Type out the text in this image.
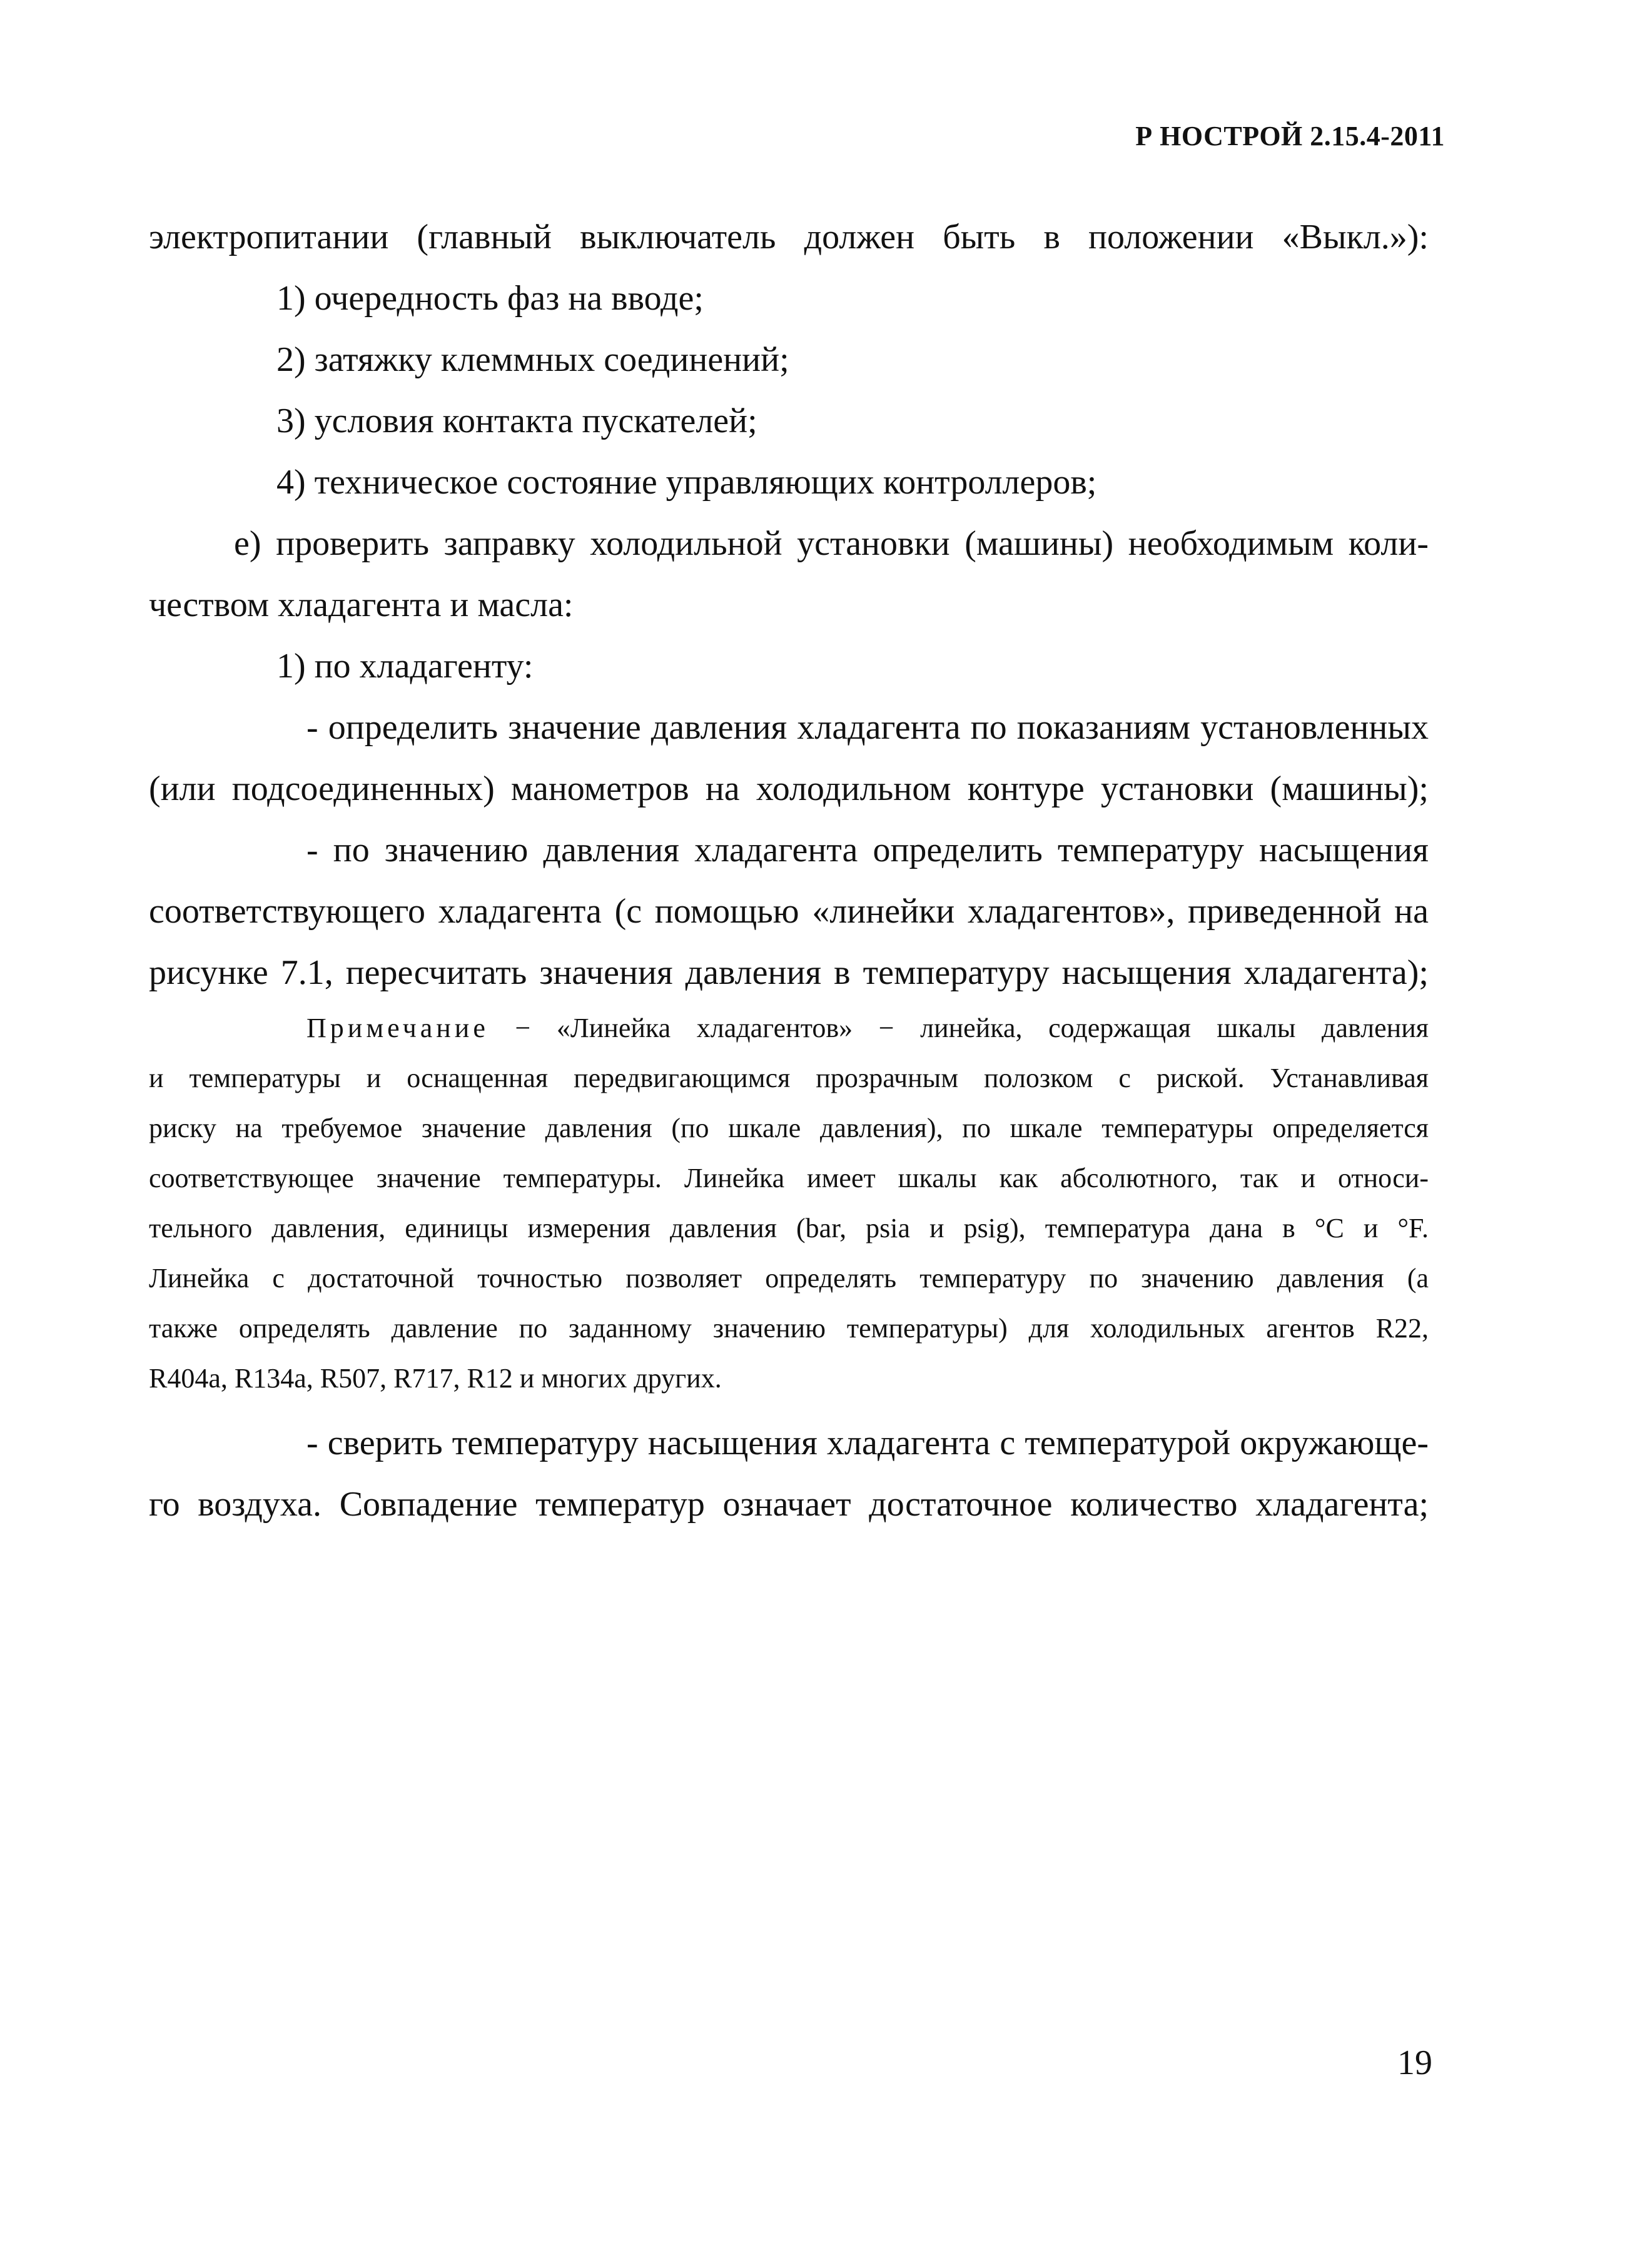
Р НОСТРОЙ 2.15.4-2011
электропитании (главный выключатель должен быть в положении «Выкл.»):
1) очередность фаз на вводе;
2) затяжку клеммных соединений;
3) условия контакта пускателей;
4) техническое состояние управляющих контроллеров;
е) проверить заправку холодильной установки (машины) необходимым коли-
чеством хладагента и масла:
1) по хладагенту:
- определить значение давления хладагента по показаниям установленных
(или подсоединенных) манометров на холодильном контуре установки (машины);
- по значению давления хладагента определить температуру насыщения
соответствующего хладагента (с помощью «линейки хладагентов», приведенной на
рисунке 7.1, пересчитать значения давления в температуру насыщения хладагента);
Примечание − «Линейка хладагентов» − линейка, содержащая шкалы давления
и температуры и оснащенная передвигающимся прозрачным полозком с риской. Устанавливая
риску на требуемое значение давления (по шкале давления), по шкале температуры определяется
соответствующее значение температуры. Линейка имеет шкалы как абсолютного, так и относи-
тельного давления, единицы измерения давления (bar, psia и psig), температура дана в °С и °F.
Линейка с достаточной точностью позволяет определять температуру по значению давления (а
также определять давление по заданному значению температуры) для холодильных агентов R22,
R404a, R134a, R507, R717, R12 и многих других.
- сверить температуру насыщения хладагента с температурой окружающе-
го воздуха. Совпадение температур означает достаточное количество хладагента;
19
